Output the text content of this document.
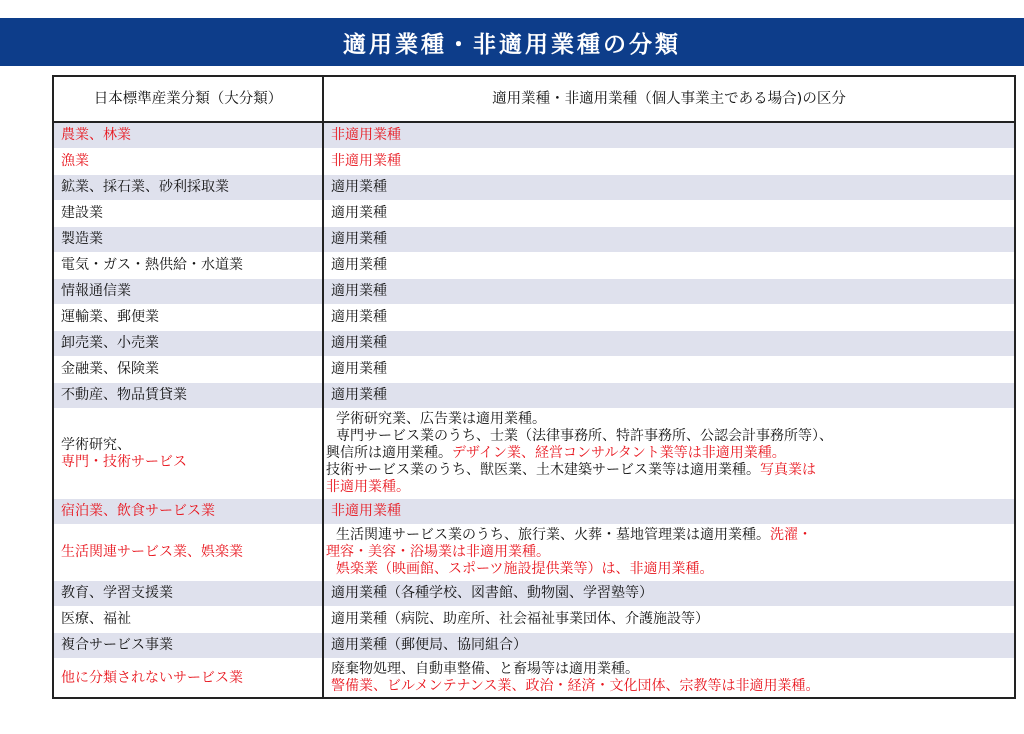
適用業種・非適用業種の分類
日本標準産業分類（大分類）	適用業種・非適用業種（個人事業主である場合)の区分
農業、林業	非適用業種
漁業	非適用業種
鉱業、採石業、砂利採取業	適用業種
建設業	適用業種
製造業	適用業種
電気・ガス・熱供給・水道業	適用業種
情報通信業	適用業種
運輸業、郵便業	適用業種
卸売業、小売業	適用業種
金融業、保険業	適用業種
不動産、物品賃貸業	適用業種

学術研究、
専門・技術サービス	学術研究業、広告業は適用業種。
専門サービス業のうち、士業（法律事務所、特許事務所、公認会計事務所等）、
興信所は適用業種。デザイン業、経営コンサルタント業等は非適用業種。
技術サービス業のうち、獣医業、土木建築サービス業等は適用業種。写真業は
非適用業種。

宿泊業、飲食サービス業	非適用業種
生活関連サービス業、娯楽業	生活関連サービス業のうち、旅行業、火葬・墓地管理業は適用業種。洗濯・
理容・美容・浴場業は非適用業種。
娯楽業（映画館、スポーツ施設提供業等）は、非適用業種。

教育、学習支援業	適用業種（各種学校、図書館、動物園、学習塾等）
医療、福祉	適用業種（病院、助産所、社会福祉事業団体、介護施設等）
複合サービス事業	適用業種（郵便局、協同組合）
他に分類されないサービス業	廃棄物処理、自動車整備、と畜場等は適用業種。
警備業、ビルメンテナンス業、政治・経済・文化団体、宗教等は非適用業種。
